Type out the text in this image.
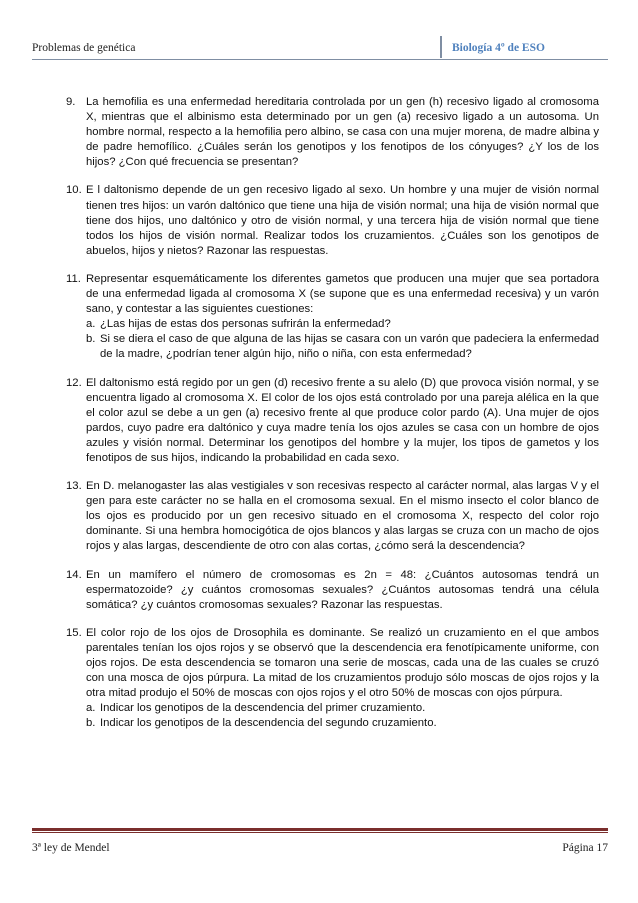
Problemas de genética	Biología 4º de ESO
9. La hemofilia es una enfermedad hereditaria controlada por un gen (h) recesivo ligado al cromosoma X, mientras que el albinismo esta determinado por un gen (a) recesivo ligado a un autosoma. Un hombre normal, respecto a la hemofilia pero albino, se casa con una mujer morena, de madre albina y de padre hemofílico. ¿Cuáles serán los genotipos y los fenotipos de los cónyuges? ¿Y los de los hijos? ¿Con qué frecuencia se presentan?
10. E l daltonismo depende de un gen recesivo ligado al sexo. Un hombre y una mujer de visión normal tienen tres hijos: un varón daltónico que tiene una hija de visión normal; una hija de visión normal que tiene dos hijos, uno daltónico y otro de visión normal, y una tercera hija de visión normal que tiene todos los hijos de visión normal. Realizar todos los cruzamientos. ¿Cuáles son los genotipos de abuelos, hijos y nietos? Razonar las respuestas.
11. Representar esquemáticamente los diferentes gametos que producen una mujer que sea portadora de una enfermedad ligada al cromosoma X (se supone que es una enfermedad recesiva) y un varón sano, y contestar a las siguientes cuestiones:
a. ¿Las hijas de estas dos personas sufrirán la enfermedad?
b. Si se diera el caso de que alguna de las hijas se casara con un varón que padeciera la enfermedad de la madre, ¿podrían tener algún hijo, niño o niña, con esta enfermedad?
12. El daltonismo está regido por un gen (d) recesivo frente a su alelo (D) que provoca visión normal, y se encuentra ligado al cromosoma X. El color de los ojos está controlado por una pareja alélica en la que el color azul se debe a un gen (a) recesivo frente al que produce color pardo (A). Una mujer de ojos pardos, cuyo padre era daltónico y cuya madre tenía los ojos azules se casa con un hombre de ojos azules y visión normal. Determinar los genotipos del hombre y la mujer, los tipos de gametos y los fenotipos de sus hijos, indicando la probabilidad en cada sexo.
13. En D. melanogaster las alas vestigiales v son recesivas respecto al carácter normal, alas largas V y el gen para este carácter no se halla en el cromosoma sexual. En el mismo insecto el color blanco de los ojos es producido por un gen recesivo situado en el cromosoma X, respecto del color rojo dominante. Si una hembra homocigótica de ojos blancos y alas largas se cruza con un macho de ojos rojos y alas largas, descendiente de otro con alas cortas, ¿cómo será la descendencia?
14. En un mamífero el número de cromosomas es 2n = 48: ¿Cuántos autosomas tendrá un espermatozoide? ¿y cuántos cromosomas sexuales? ¿Cuántos autosomas tendrá una célula somática? ¿y cuántos cromosomas sexuales? Razonar las respuestas.
15. El color rojo de los ojos de Drosophila es dominante. Se realizó un cruzamiento en el que ambos parentales tenían los ojos rojos y se observó que la descendencia era fenotípicamente uniforme, con ojos rojos. De esta descendencia se tomaron una serie de moscas, cada una de las cuales se cruzó con una mosca de ojos púrpura. La mitad de los cruzamientos produjo sólo moscas de ojos rojos y la otra mitad produjo el 50% de moscas con ojos rojos y el otro 50% de moscas con ojos púrpura.
a. Indicar los genotipos de la descendencia del primer cruzamiento.
b. Indicar los genotipos de la descendencia del segundo cruzamiento.
3ª ley de Mendel	Página 17
